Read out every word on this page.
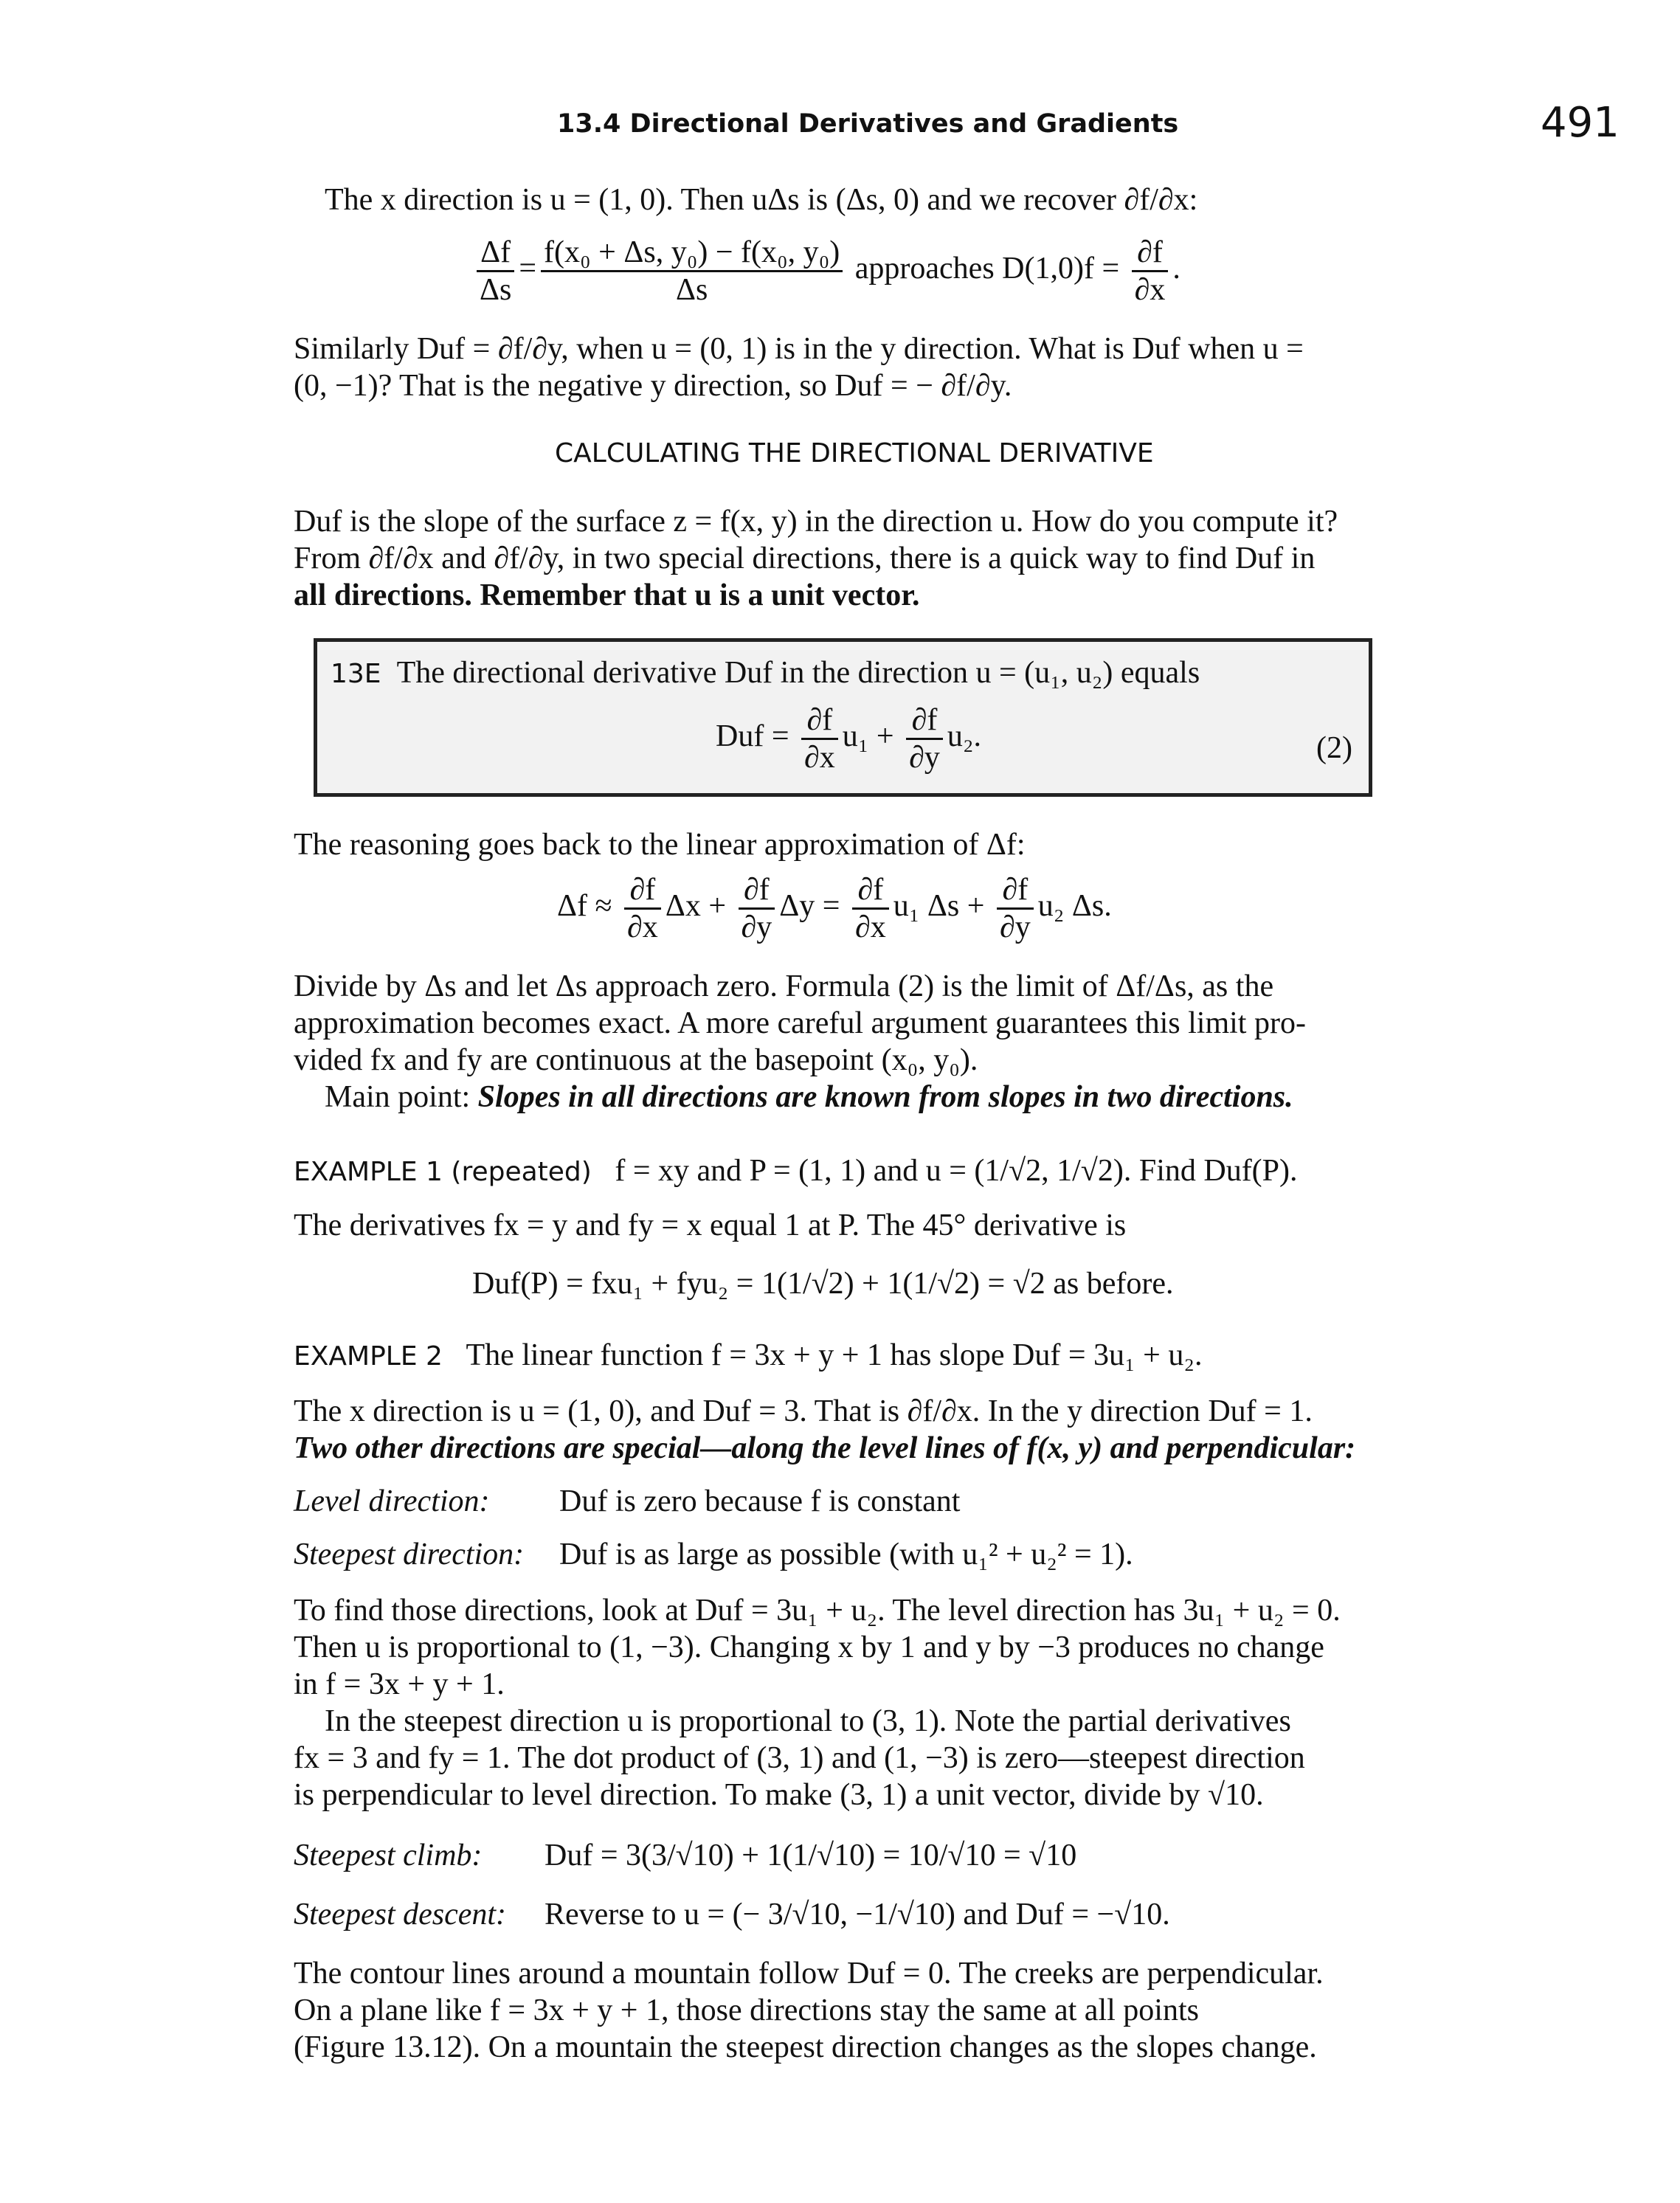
13.4 Directional Derivatives and Gradients	491
The x direction is u = (1, 0). Then uΔs is (Δs, 0) and we recover ∂f/∂x:
$\frac{\Delta f}{\Delta s} = \frac{\text{f(x₀ + Δs, y₀) − f(x₀, y₀)}}{\Delta s}$ approaches $D(1,0)f = \frac{\partial f}{\partial x}$ .
Similarly Duf = ∂f/∂y, when u = (0, 1) is in the y direction. What is Duf when u =
(0, −1)? That is the negative y direction, so Duf = − ∂f/∂y.
CALCULATING THE DIRECTIONAL DERIVATIVE
Duf is the slope of the surface z = f(x, y) in the direction u. How do you compute it?
From ∂f/∂x and ∂f/∂y, in two special directions, there is a quick way to find Duf in
all directions. Remember that u is a unit vector.
13E The directional derivative Duf in the direction u = (u₁, u₂) equals
Duf = $\frac{\partial f}{\partial x} u_1 + \frac{\partial f}{\partial y} u_2$.	(2)
The reasoning goes back to the linear approximation of Δf:
$\Delta f \approx \frac{\partial f}{\partial x}$ $\Delta x + \frac{\partial f}{\partial y}$ $\Delta y = \frac{\partial f}{\partial x} u_1$ $\Delta s + \frac{\partial f}{\partial y} u_2$ Δs.
Divide by Δs and let Δs approach zero. Formula (2) is the limit of Δf/Δs, as the
approximation becomes exact. A more careful argument guarantees this limit pro-
vided fx and fy are continuous at the basepoint (x₀, y₀).
Main point: Slopes in all directions are known from slopes in two directions.
EXAMPLE 1 (repeated) f = xy and P = (1, 1) and u = (1/√2, 1/√2). Find Duf(P).
The derivatives fx = y and fy = x equal 1 at P. The 45° derivative is
Duf(P) = fxu₁ + fyu₂ = 1(1/√2) + 1(1/√2) = √2 as before.
EXAMPLE 2 The linear function f = 3x + y + 1 has slope Duf = 3u₁ + u₂.
The x direction is u = (1, 0), and Duf = 3. That is ∂f/∂x. In the y direction Duf = 1.
Two other directions are special—along the level lines of f(x, y) and perpendicular:
Level direction: Duf is zero because f is constant
Steepest direction: Duf is as large as possible (with u₁² + u₂² = 1).
To find those directions, look at Duf = 3u₁ + u₂. The level direction has 3u₁ + u₂ = 0.
Then u is proportional to (1, −3). Changing x by 1 and y by −3 produces no change
in f = 3x + y + 1.
In the steepest direction u is proportional to (3, 1). Note the partial derivatives
fx = 3 and fy = 1. The dot product of (3, 1) and (1, −3) is zero—steepest direction
is perpendicular to level direction. To make (3, 1) a unit vector, divide by √10.
Steepest climb: Duf = 3(3/√10) + 1(1/√10) = 10/√10 = √10
Steepest descent: Reverse to u = (− 3/√10, −1/√10) and Duf = −√10.
The contour lines around a mountain follow Duf = 0. The creeks are perpendicular.
On a plane like f = 3x + y + 1, those directions stay the same at all points
(Figure 13.12). On a mountain the steepest direction changes as the slopes change.
